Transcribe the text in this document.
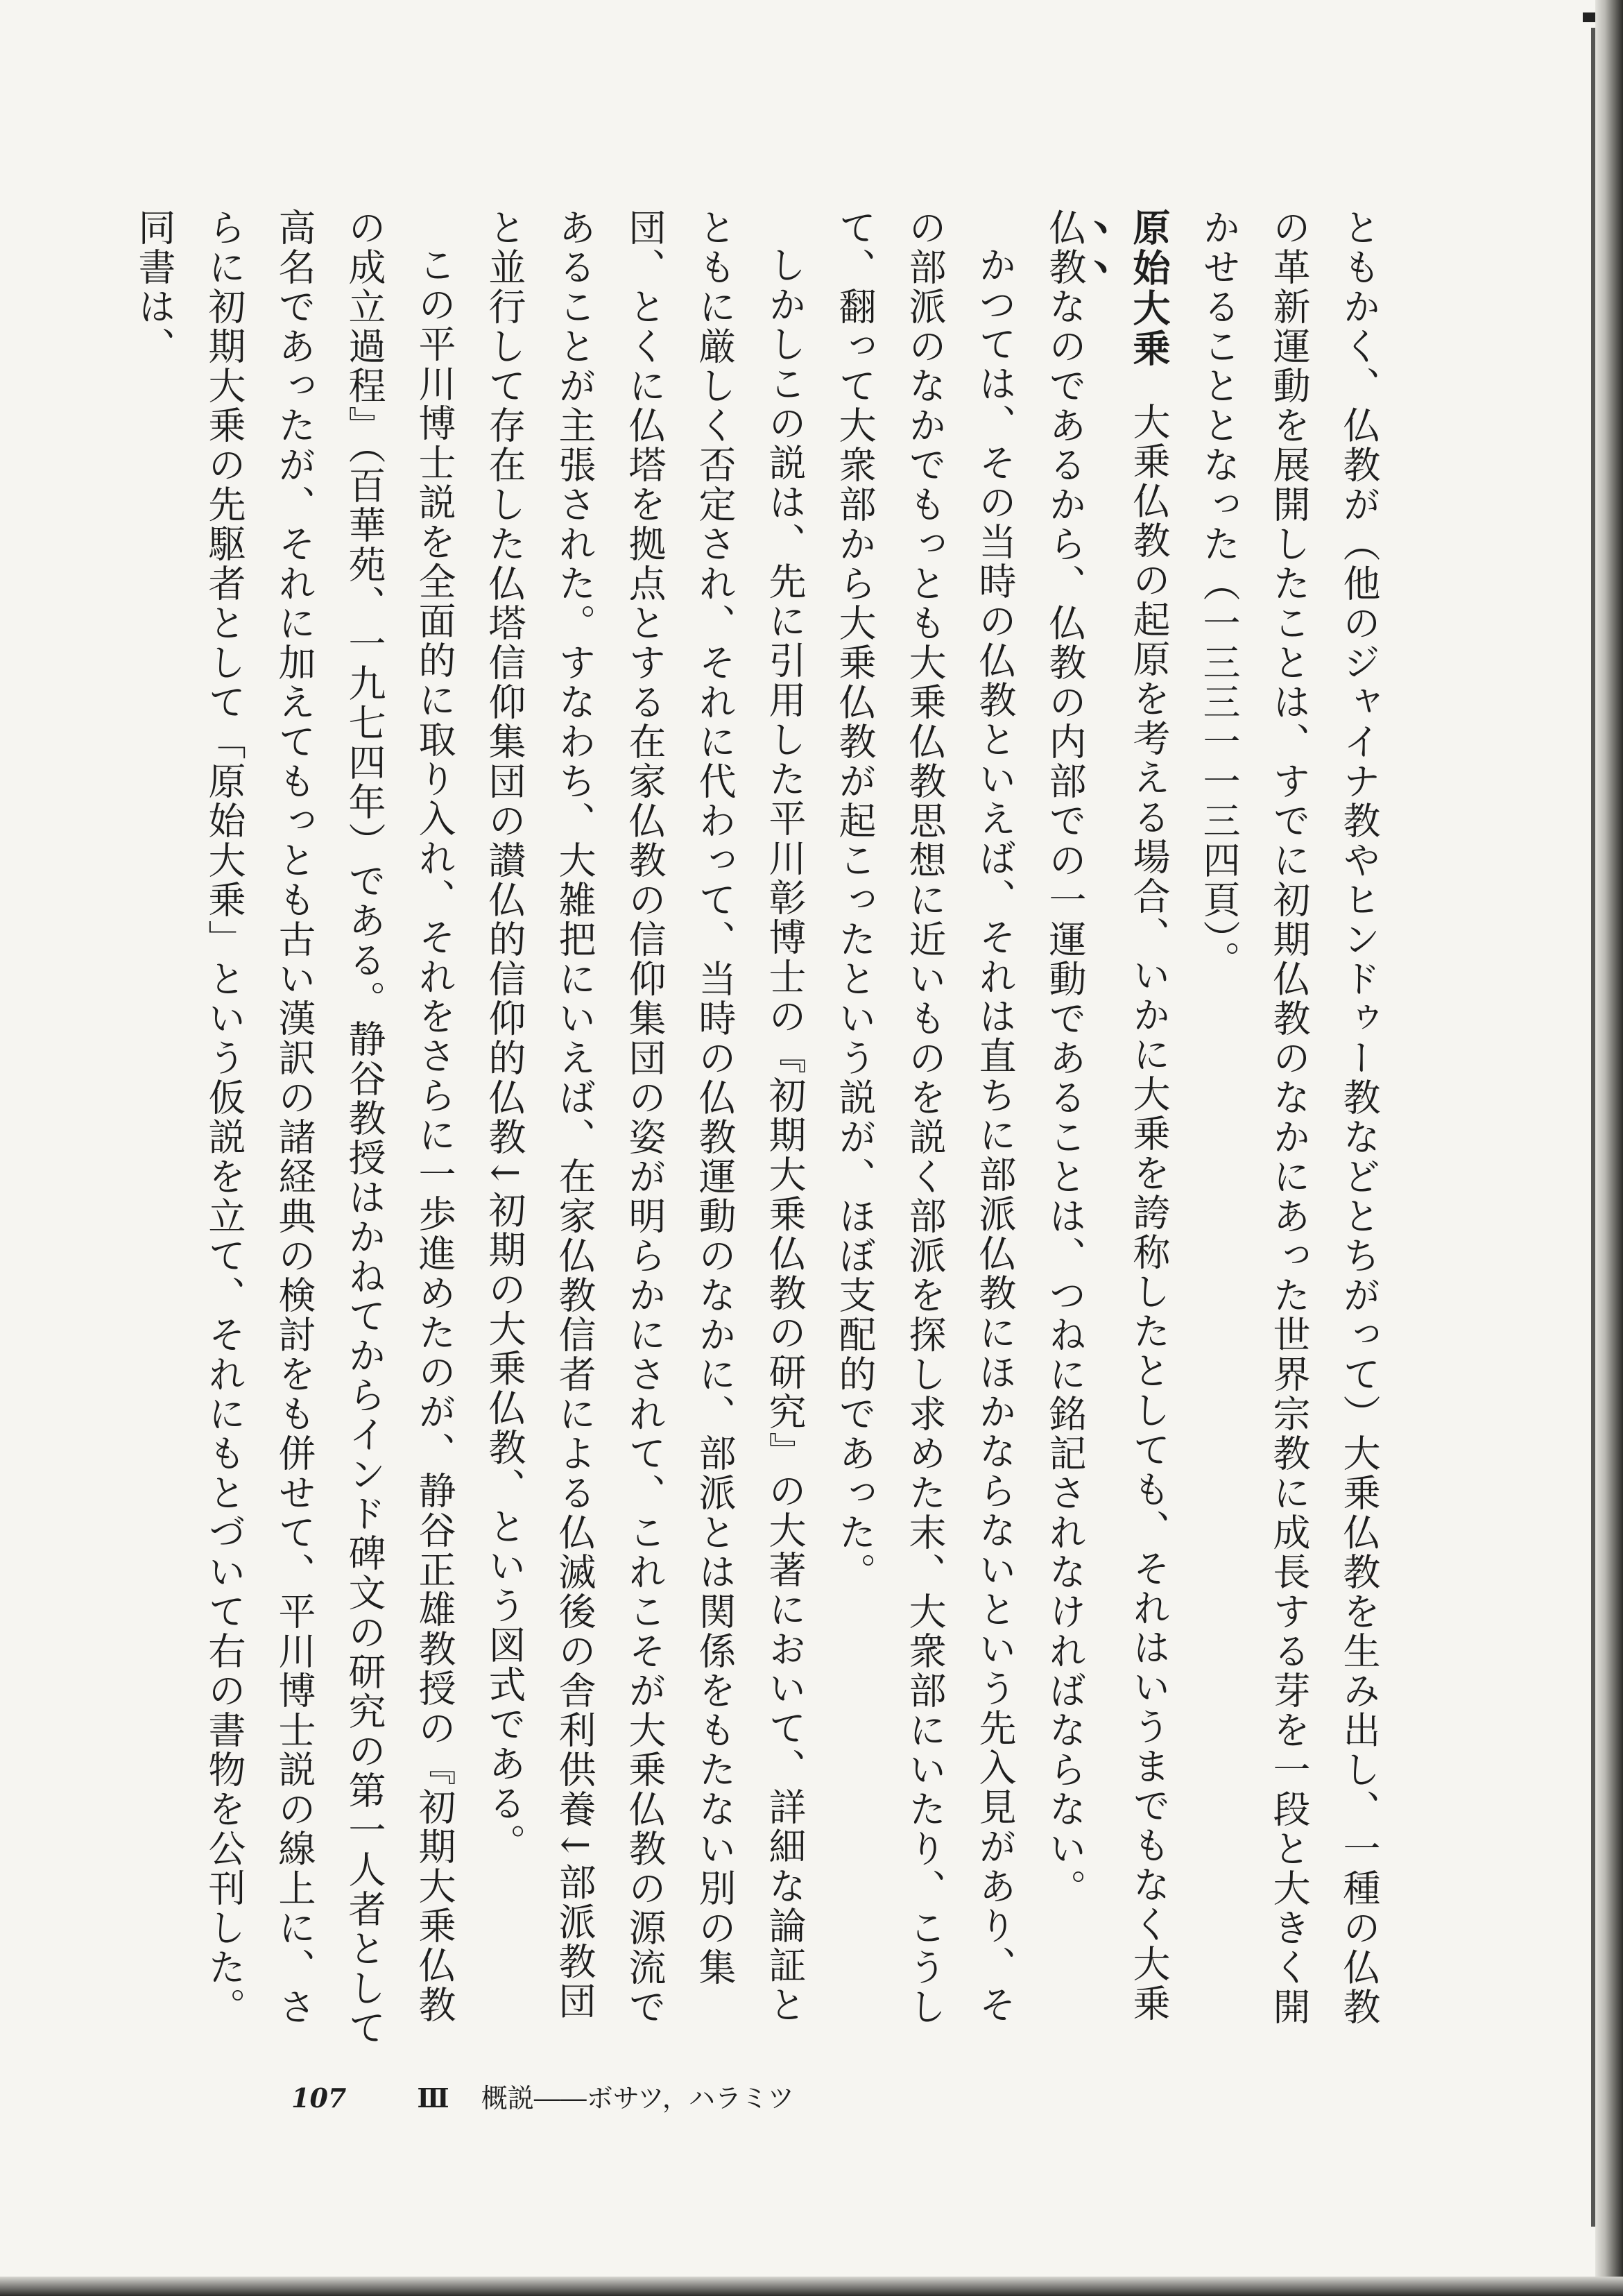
ともかく、仏教が（他のジャイナ教やヒンドゥー教などとちがって）大乗仏教を生み出し、一種の仏教の革新運動を展開したことは、すでに初期仏教のなかにあった世界宗教に成長する芽を一段と大きく開かせることとなった（一三三一一三四頁）。

原始大乗大乗仏教の起原を考える場合、いかに大乗を誇称したとしても、それはいうまでもなく大乗仏教なのであるから、仏教の内部での一運動であることは、つねに銘記されなければならない。

かつては、その当時の仏教といえば、それは直ちに部派仏教にほかならないという先入見があり、その部派のなかでもっとも大乗仏教思想に近いものを説く部派を探し求めた末、大衆部にいたり、こうして、翻って大衆部から大乗仏教が起こったという説が、ほぼ支配的であった。

しかしこの説は、先に引用した平川彰博士の『初期大乗仏教の研究』の大著において、詳細な論証とともに厳しく否定され、それに代わって、当時の仏教運動のなかに、部派とは関係をもたない別の集団、とくに仏塔を拠点とする在家仏教の信仰集団の姿が明らかにされて、これこそが大乗仏教の源流であることが主張された。すなわち、大雑把にいえば、在家仏教信者による仏滅後の舎利供養↓部派教団と並行して存在した仏塔信仰集団の讃仏的信仰的仏教↓初期の大乗仏教、という図式である。

この平川博士説を全面的に取り入れ、それをさらに一歩進めたのが、静谷正雄教授の『初期大乗仏教の成立過程』（百華苑、一九七四年）である。静谷教授はかねてからインド碑文の研究の第一人者として高名であったが、それに加えてもっとも古い漢訳の諸経典の検討をも併せて、平川博士説の線上に、さらに初期大乗の先駆者として「原始大乗」という仮説を立て、それにもとづいて右の書物を公刊した。同書は、

107	Ⅲ 概説――ボサツ，ハラミツ
